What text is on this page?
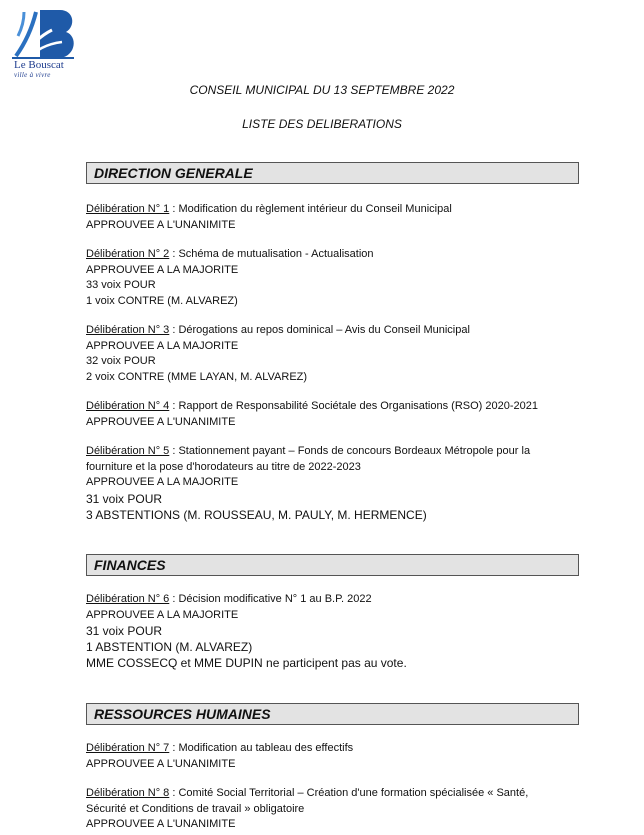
Le Bouscat
ville à vivre
CONSEIL MUNICIPAL DU 13 SEPTEMBRE 2022
LISTE DES DELIBERATIONS
DIRECTION GENERALE
Délibération N° 1 : Modification du règlement intérieur du Conseil Municipal
APPROUVEE A L'UNANIMITE
Délibération N° 2 : Schéma de mutualisation - Actualisation
APPROUVEE A LA MAJORITE
33 voix POUR
1 voix CONTRE (M. ALVAREZ)
Délibération N° 3 : Dérogations au repos dominical – Avis du Conseil Municipal
APPROUVEE A LA MAJORITE
32 voix POUR
2 voix CONTRE (MME LAYAN, M. ALVAREZ)
Délibération N° 4 : Rapport de Responsabilité Sociétale des Organisations (RSO) 2020-2021
APPROUVEE A L'UNANIMITE
Délibération N° 5 : Stationnement payant – Fonds de concours Bordeaux Métropole pour la
fourniture et la pose d'horodateurs au titre de 2022-2023
APPROUVEE A LA MAJORITE
31 voix POUR
3 ABSTENTIONS (M. ROUSSEAU, M. PAULY, M. HERMENCE)
FINANCES
Délibération N° 6 : Décision modificative N° 1 au B.P. 2022
APPROUVEE A LA MAJORITE
31 voix POUR
1 ABSTENTION (M. ALVAREZ)
MME COSSECQ et MME DUPIN ne participent pas au vote.
RESSOURCES HUMAINES
Délibération N° 7 : Modification au tableau des effectifs
APPROUVEE A L'UNANIMITE
Délibération N° 8 : Comité Social Territorial – Création d'une formation spécialisée « Santé,
Sécurité et Conditions de travail » obligatoire
APPROUVEE A L'UNANIMITE
